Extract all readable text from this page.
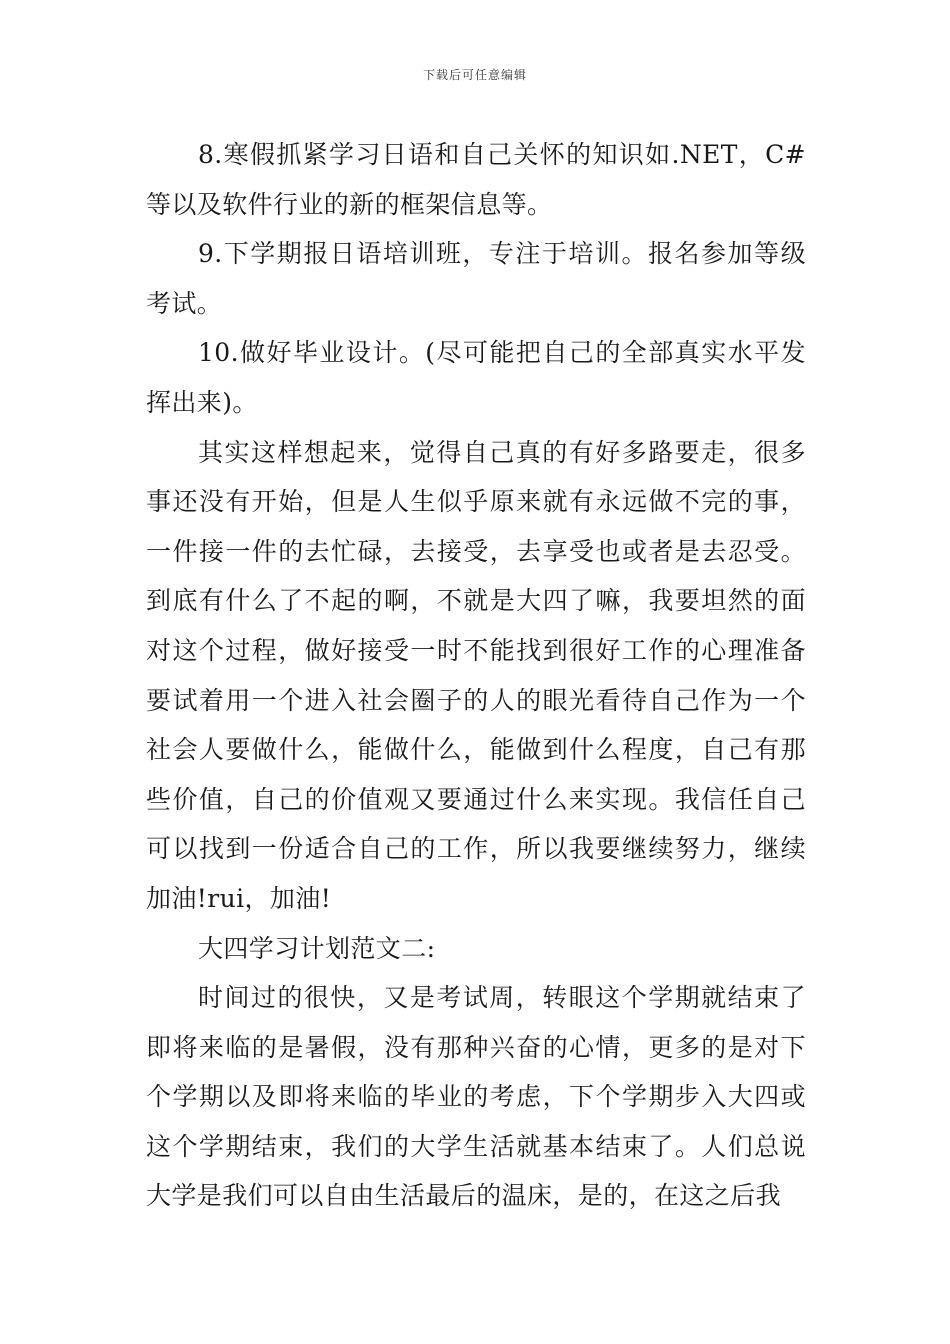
下载后可任意编辑

8.寒假抓紧学习日语和自己关怀的知识如.NET，C#等以及软件行业的新的框架信息等。

9.下学期报日语培训班，专注于培训。报名参加等级考试。

10.做好毕业设计。(尽可能把自己的全部真实水平发挥出来)。

其实这样想起来，觉得自己真的有好多路要走，很多事还没有开始，但是人生似乎原来就有永远做不完的事，一件接一件的去忙碌，去接受，去享受也或者是去忍受。到底有什么了不起的啊，不就是大四了嘛，我要坦然的面对这个过程，做好接受一时不能找到很好工作的心理准备要试着用一个进入社会圈子的人的眼光看待自己作为一个社会人要做什么，能做什么，能做到什么程度，自己有那些价值，自己的价值观又要通过什么来实现。我信任自己可以找到一份适合自己的工作，所以我要继续努力，继续加油!rui，加油!

大四学习计划范文二:

时间过的很快，又是考试周，转眼这个学期就结束了即将来临的是暑假，没有那种兴奋的心情，更多的是对下个学期以及即将来临的毕业的考虑，下个学期步入大四或这个学期结束，我们的大学生活就基本结束了。人们总说大学是我们可以自由生活最后的温床，是的，在这之后我
